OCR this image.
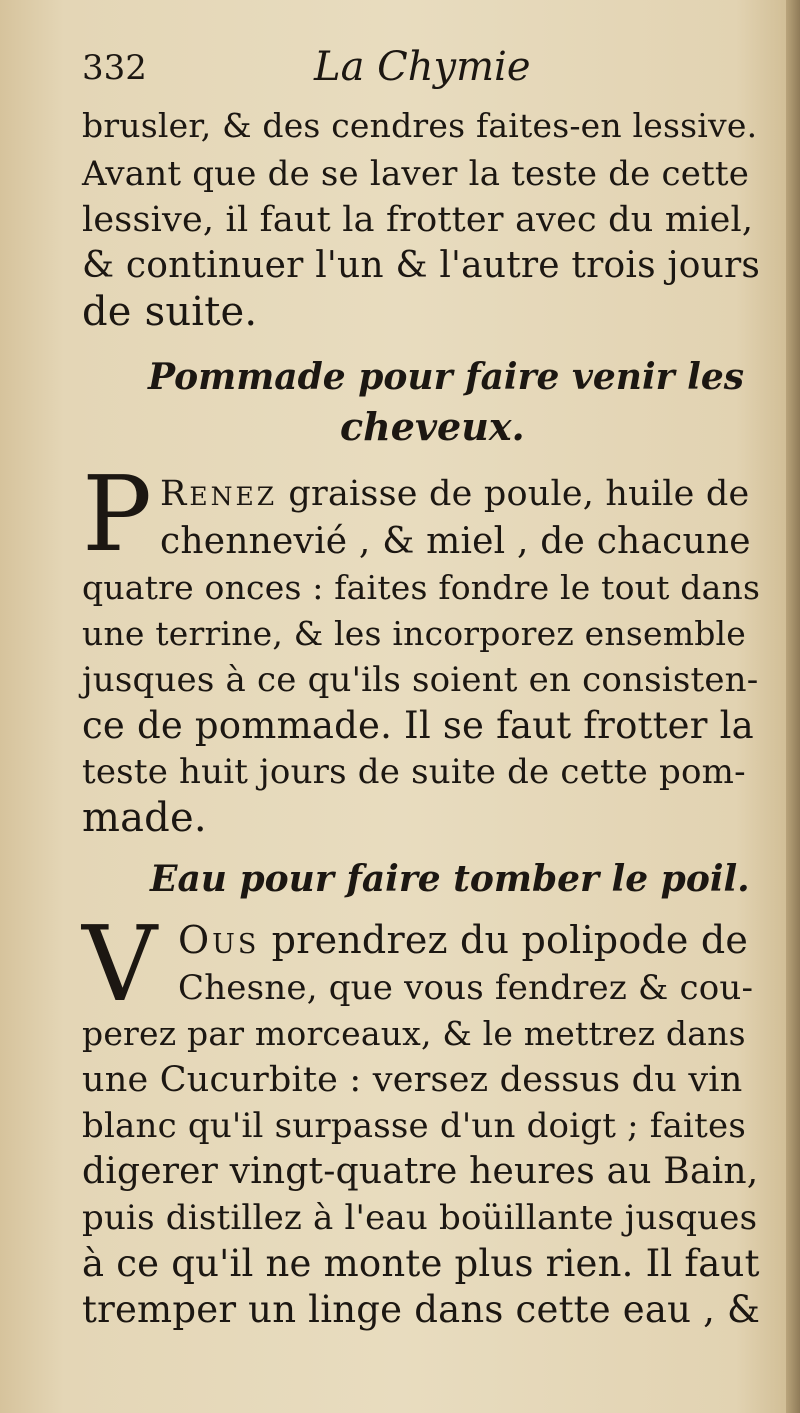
332	La Chymie
brusler, & des cendres faites-en lessive.
Avant que de se laver la teste de cette
lessive, il faut la frotter avec du miel,
& continuer l'un & l'autre trois jours
de suite.
Pommade pour faire venir les
cheveux.
P Renez graisse de poule, huile de
chennevié , & miel , de chacune
quatre onces : faites fondre le tout dans
une terrine, & les incorporez ensemble
jusques à ce qu'ils soient en consisten-
ce de pommade. Il se faut frotter la
teste huit jours de suite de cette pom-
made.
Eau pour faire tomber le poil.
V Ous prendrez du polipode de
Chesne, que vous fendrez & cou-
perez par morceaux, & le mettrez dans
une Cucurbite : versez dessus du vin
blanc qu'il surpasse d'un doigt ; faites
digerer vingt-quatre heures au Bain,
puis distillez à l'eau boüillante jusques
à ce qu'il ne monte plus rien. Il faut
tremper un linge dans cette eau , &
